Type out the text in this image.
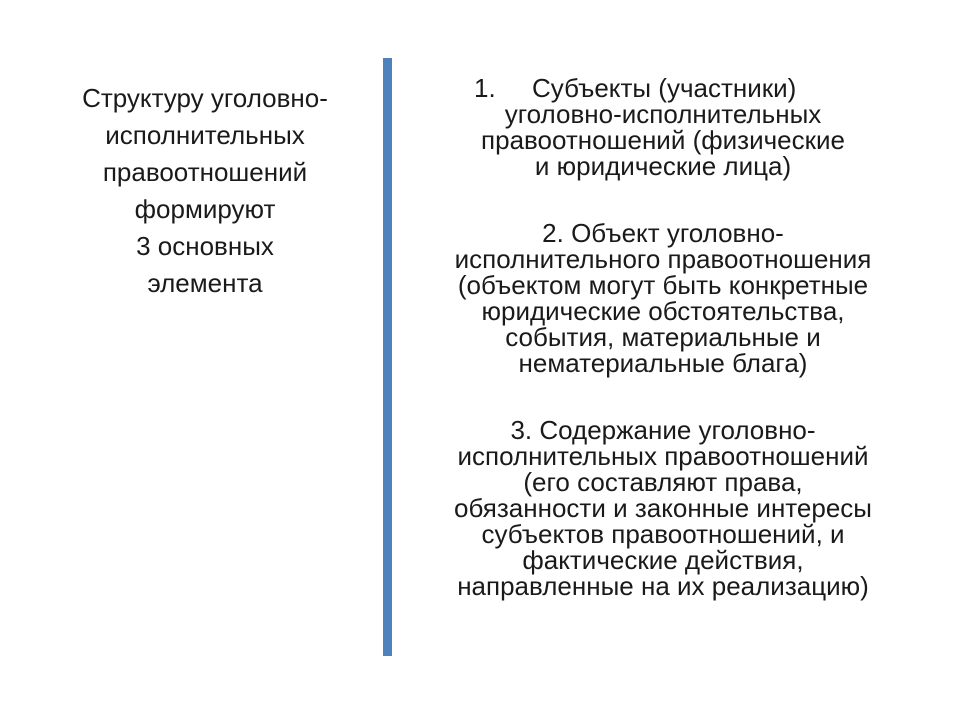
Структуру уголовно-
исполнительных
правоотношений
формируют
3 основных
элемента
1. Субъекты (участники)
уголовно-исполнительных
правоотношений (физические
и юридические лица)
2. Объект уголовно-
исполнительного правоотношения
(объектом могут быть конкретные
юридические обстоятельства,
события, материальные и
нематериальные блага)
3. Содержание уголовно-
исполнительных правоотношений
(его составляют права,
обязанности и законные интересы
субъектов правоотношений, и
фактические действия,
направленные на их реализацию)
